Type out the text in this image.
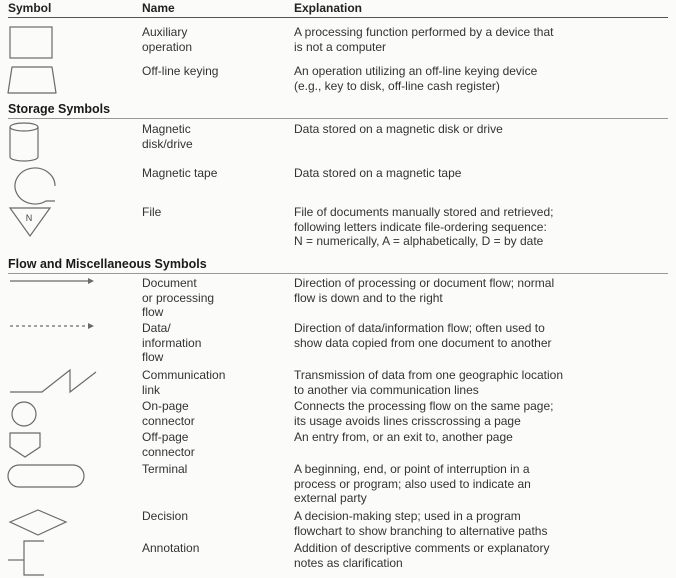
Symbol	Name	Explanation
Storage Symbols
Flow and Miscellaneous Symbols
N
Auxiliary
operation
Off-line keying
Magnetic
disk/drive
Magnetic tape
File
Document
or processing
flow
Data/
information
flow
Communication
link
On-page
connector
Off-page
connector
Terminal
Decision
Annotation
A processing function performed by a device that
is not a computer
An operation utilizing an off-line keying device
(e.g., key to disk, off-line cash register)
Data stored on a magnetic disk or drive
Data stored on a magnetic tape
File of documents manually stored and retrieved;
following letters indicate file-ordering sequence:
N = numerically, A = alphabetically, D = by date
Direction of processing or document flow; normal
flow is down and to the right
Direction of data/information flow; often used to
show data copied from one document to another
Transmission of data from one geographic location
to another via communication lines
Connects the processing flow on the same page;
its usage avoids lines crisscrossing a page
An entry from, or an exit to, another page
A beginning, end, or point of interruption in a
process or program; also used to indicate an
external party
A decision-making step; used in a program
flowchart to show branching to alternative paths
Addition of descriptive comments or explanatory
notes as clarification
